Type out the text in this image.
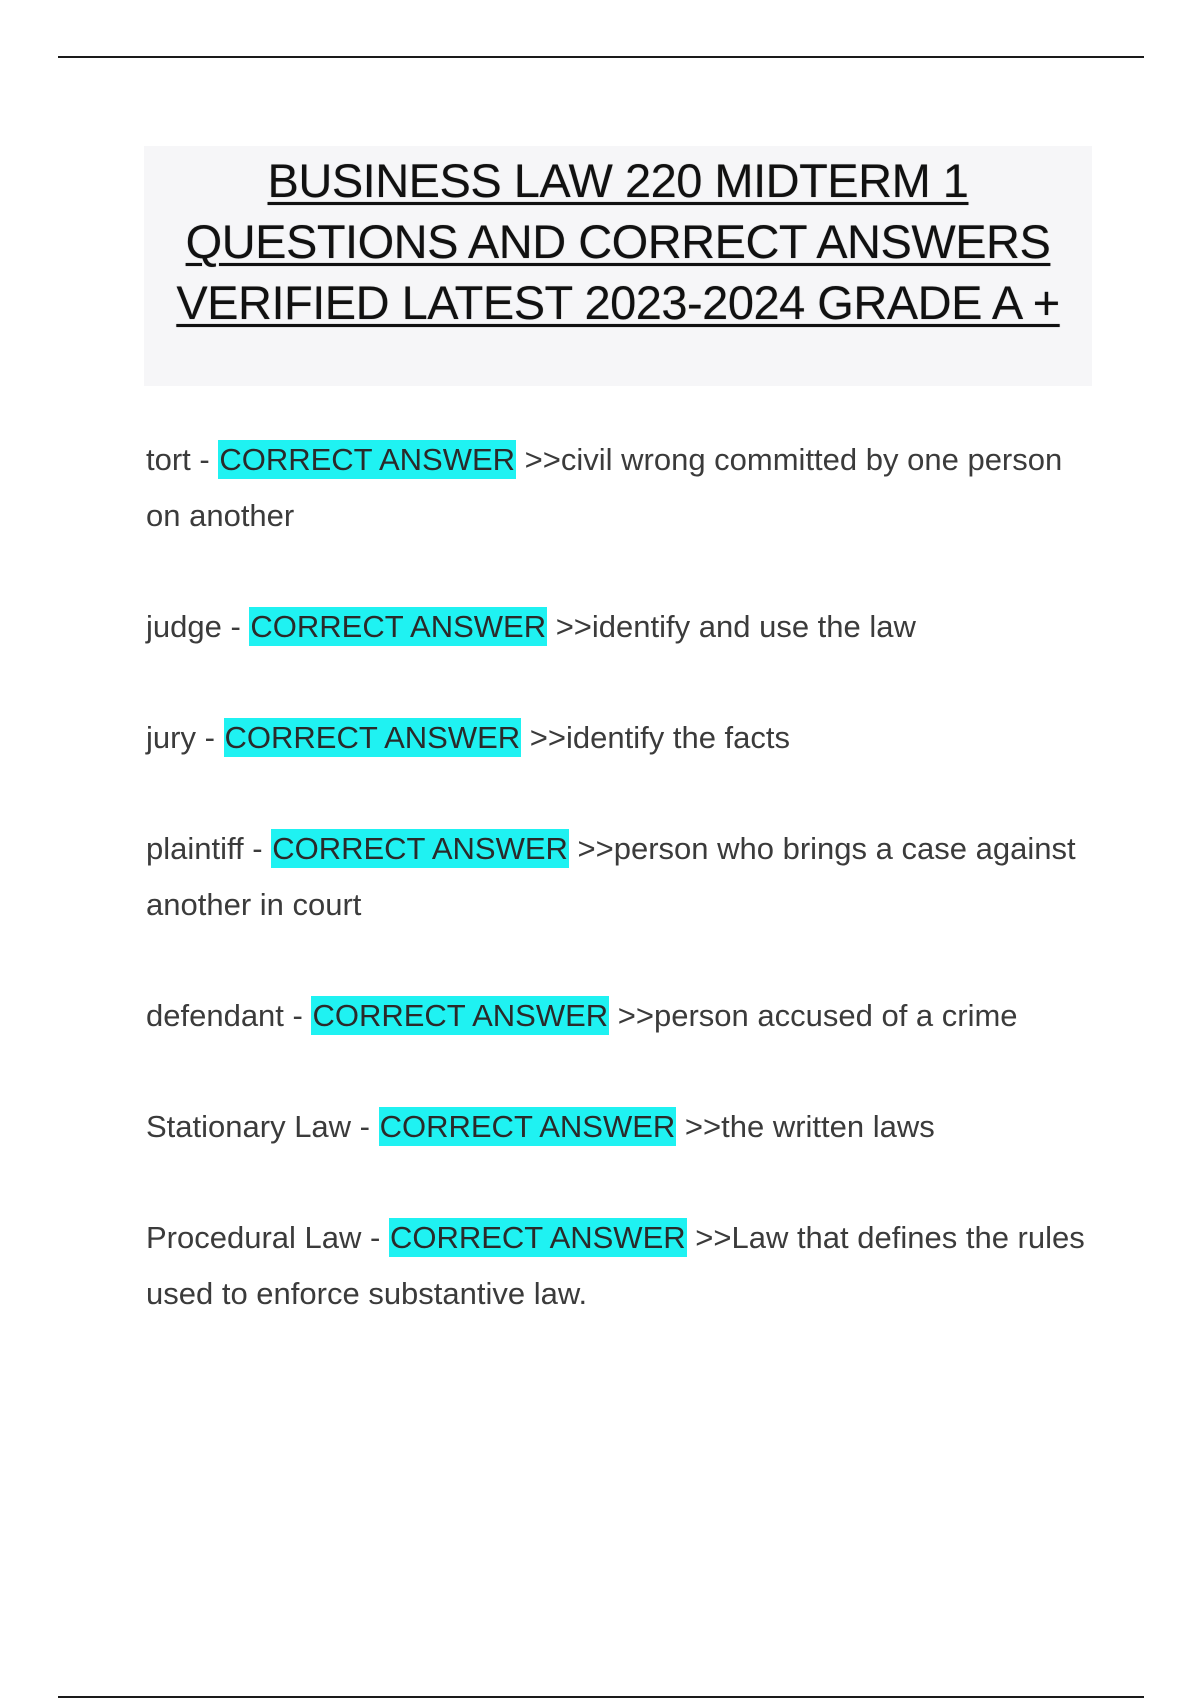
BUSINESS LAW 220 MIDTERM 1
QUESTIONS AND CORRECT ANSWERS
VERIFIED LATEST 2023-2024 GRADE A +
tort - CORRECT ANSWER >>civil wrong committed by one person on another
judge - CORRECT ANSWER >>identify and use the law
jury - CORRECT ANSWER >>identify the facts
plaintiff - CORRECT ANSWER >>person who brings a case against another in court
defendant - CORRECT ANSWER >>person accused of a crime
Stationary Law - CORRECT ANSWER >>the written laws
Procedural Law - CORRECT ANSWER >>Law that defines the rules used to enforce substantive law.
